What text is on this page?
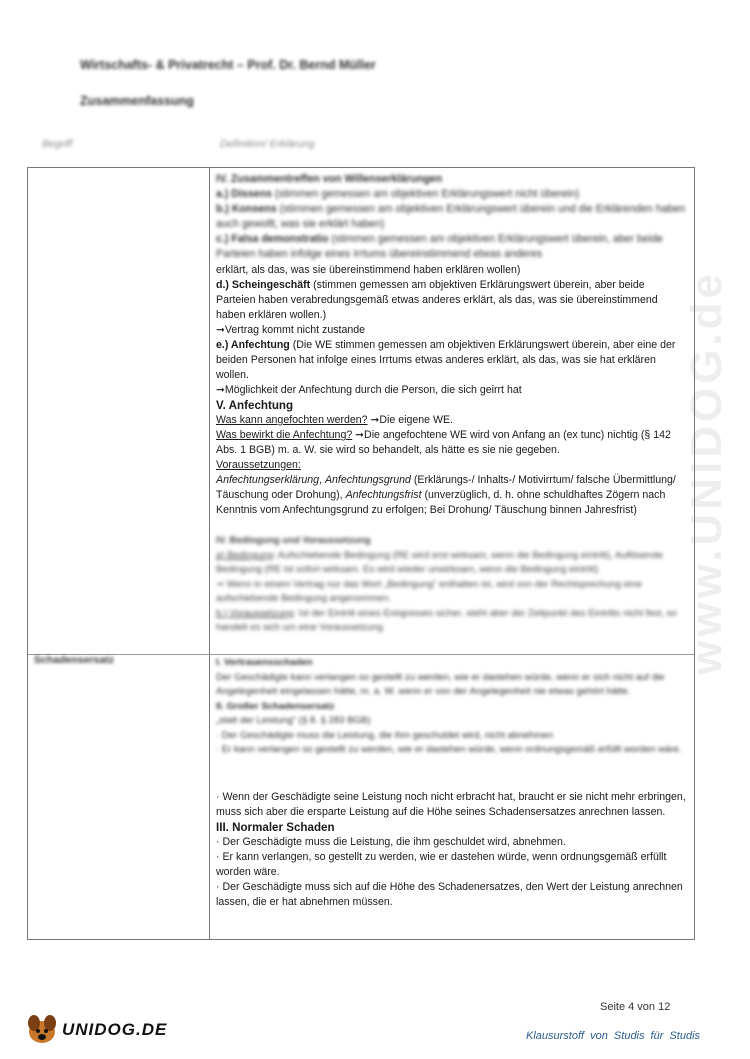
www.UNIDOG.de
Wirtschafts- & Privatrecht – Prof. Dr. Bernd Müller
Zusammenfassung
Begriff	Definition/ Erklärung

IV. Zusammentreffen von Willenserklärungen

a.) Dissens (stimmen gemessen am objektiven Erklärungswert nicht überein)

b.) Konsens (stimmen gemessen am objektiven Erklärungswert überein und die Erklärenden haben auch gewollt, was sie erklärt haben)

c.) Falsa demonstratio (stimmen gemessen am objektiven Erklärungswert überein, aber beide Parteien haben infolge eines Irrtums übereinstimmend etwas anderes

erklärt, als das, was sie übereinstimmend haben erklären wollen)

d.) Scheingeschäft (stimmen gemessen am objektiven Erklärungswert überein, aber beide Parteien haben verabredungsgemäß etwas anderes erklärt, als das, was sie übereinstimmend haben erklären wollen.)

➞Vertrag kommt nicht zustande

e.) Anfechtung (Die WE stimmen gemessen am objektiven Erklärungswert überein, aber eine der beiden Personen hat infolge eines Irrtums etwas anderes erklärt, als das, was sie hat erklären wollen.

➞Möglichkeit der Anfechtung durch die Person, die sich geirrt hat

V. Anfechtung

Was kann angefochten werden? ➞Die eigene WE.

Was bewirkt die Anfechtung? ➞Die angefochtene WE wird von Anfang an (ex tunc) nichtig (§ 142 Abs. 1 BGB) m. a. W. sie wird so behandelt, als hätte es sie nie gegeben.

Voraussetzungen:

Anfechtungserklärung, Anfechtungsgrund (Erklärungs-/ Inhalts-/ Motivirrtum/ falsche Übermittlung/ Täuschung oder Drohung), Anfechtungsfrist (unverzüglich, d. h. ohne schuldhaftes Zögern nach Kenntnis vom Anfechtungsgrund zu erfolgen; Bei Drohung/ Täuschung binnen Jahresfrist)

IV. Bedingung und Voraussetzung

a) Bedingung: Aufschiebende Bedingung (RE wird erst wirksam, wenn die Bedingung eintritt), Auflösende Bedingung (RE ist sofort wirksam. Es wird wieder unwirksam, wenn die Bedingung eintritt)

➞ Wenn in einem Vertrag nur das Wort „Bedingung“ enthalten ist, wird von der Rechtsprechung eine aufschiebende Bedingung angenommen.

b.) Voraussetzung: Ist der Eintritt eines Ereignisses sicher, steht aber der Zeitpunkt des Eintritts nicht fest, so handelt es sich um eine Voraussetzung

Schadensersatz	I. Vertrauensschaden

Der Geschädigte kann verlangen so gestellt zu werden, wie er dastehen würde, wenn er sich nicht auf die Angelegenheit eingelassen hätte, m. a. W. wenn er von der Angelegenheit nie etwas gehört hätte.

II. Großer Schadensersatz

„statt der Leistung“ (§ 8. § 283 BGB)

· Der Geschädigte muss die Leistung, die ihm geschuldet wird, nicht abnehmen

· Er kann verlangen so gestellt zu werden, wie er dastehen würde, wenn ordnungsgemäß erfüllt worden wäre.

· Wenn der Geschädigte seine Leistung noch nicht erbracht hat, braucht er sie nicht mehr erbringen, muss sich aber die ersparte Leistung auf die Höhe seines Schadensersatzes anrechnen lassen.

III. Normaler Schaden

· Der Geschädigte muss die Leistung, die ihm geschuldet wird, abnehmen.

· Er kann verlangen, so gestellt zu werden, wie er dastehen würde, wenn ordnungsgemäß erfüllt worden wäre.

· Der Geschädigte muss sich auf die Höhe des Schadenersatzes, den Wert der Leistung anrechnen lassen, die er hat abnehmen müssen.

Seite 4 von 12
UNIDOG.DE	Klausurstoff von Studis für Studis
